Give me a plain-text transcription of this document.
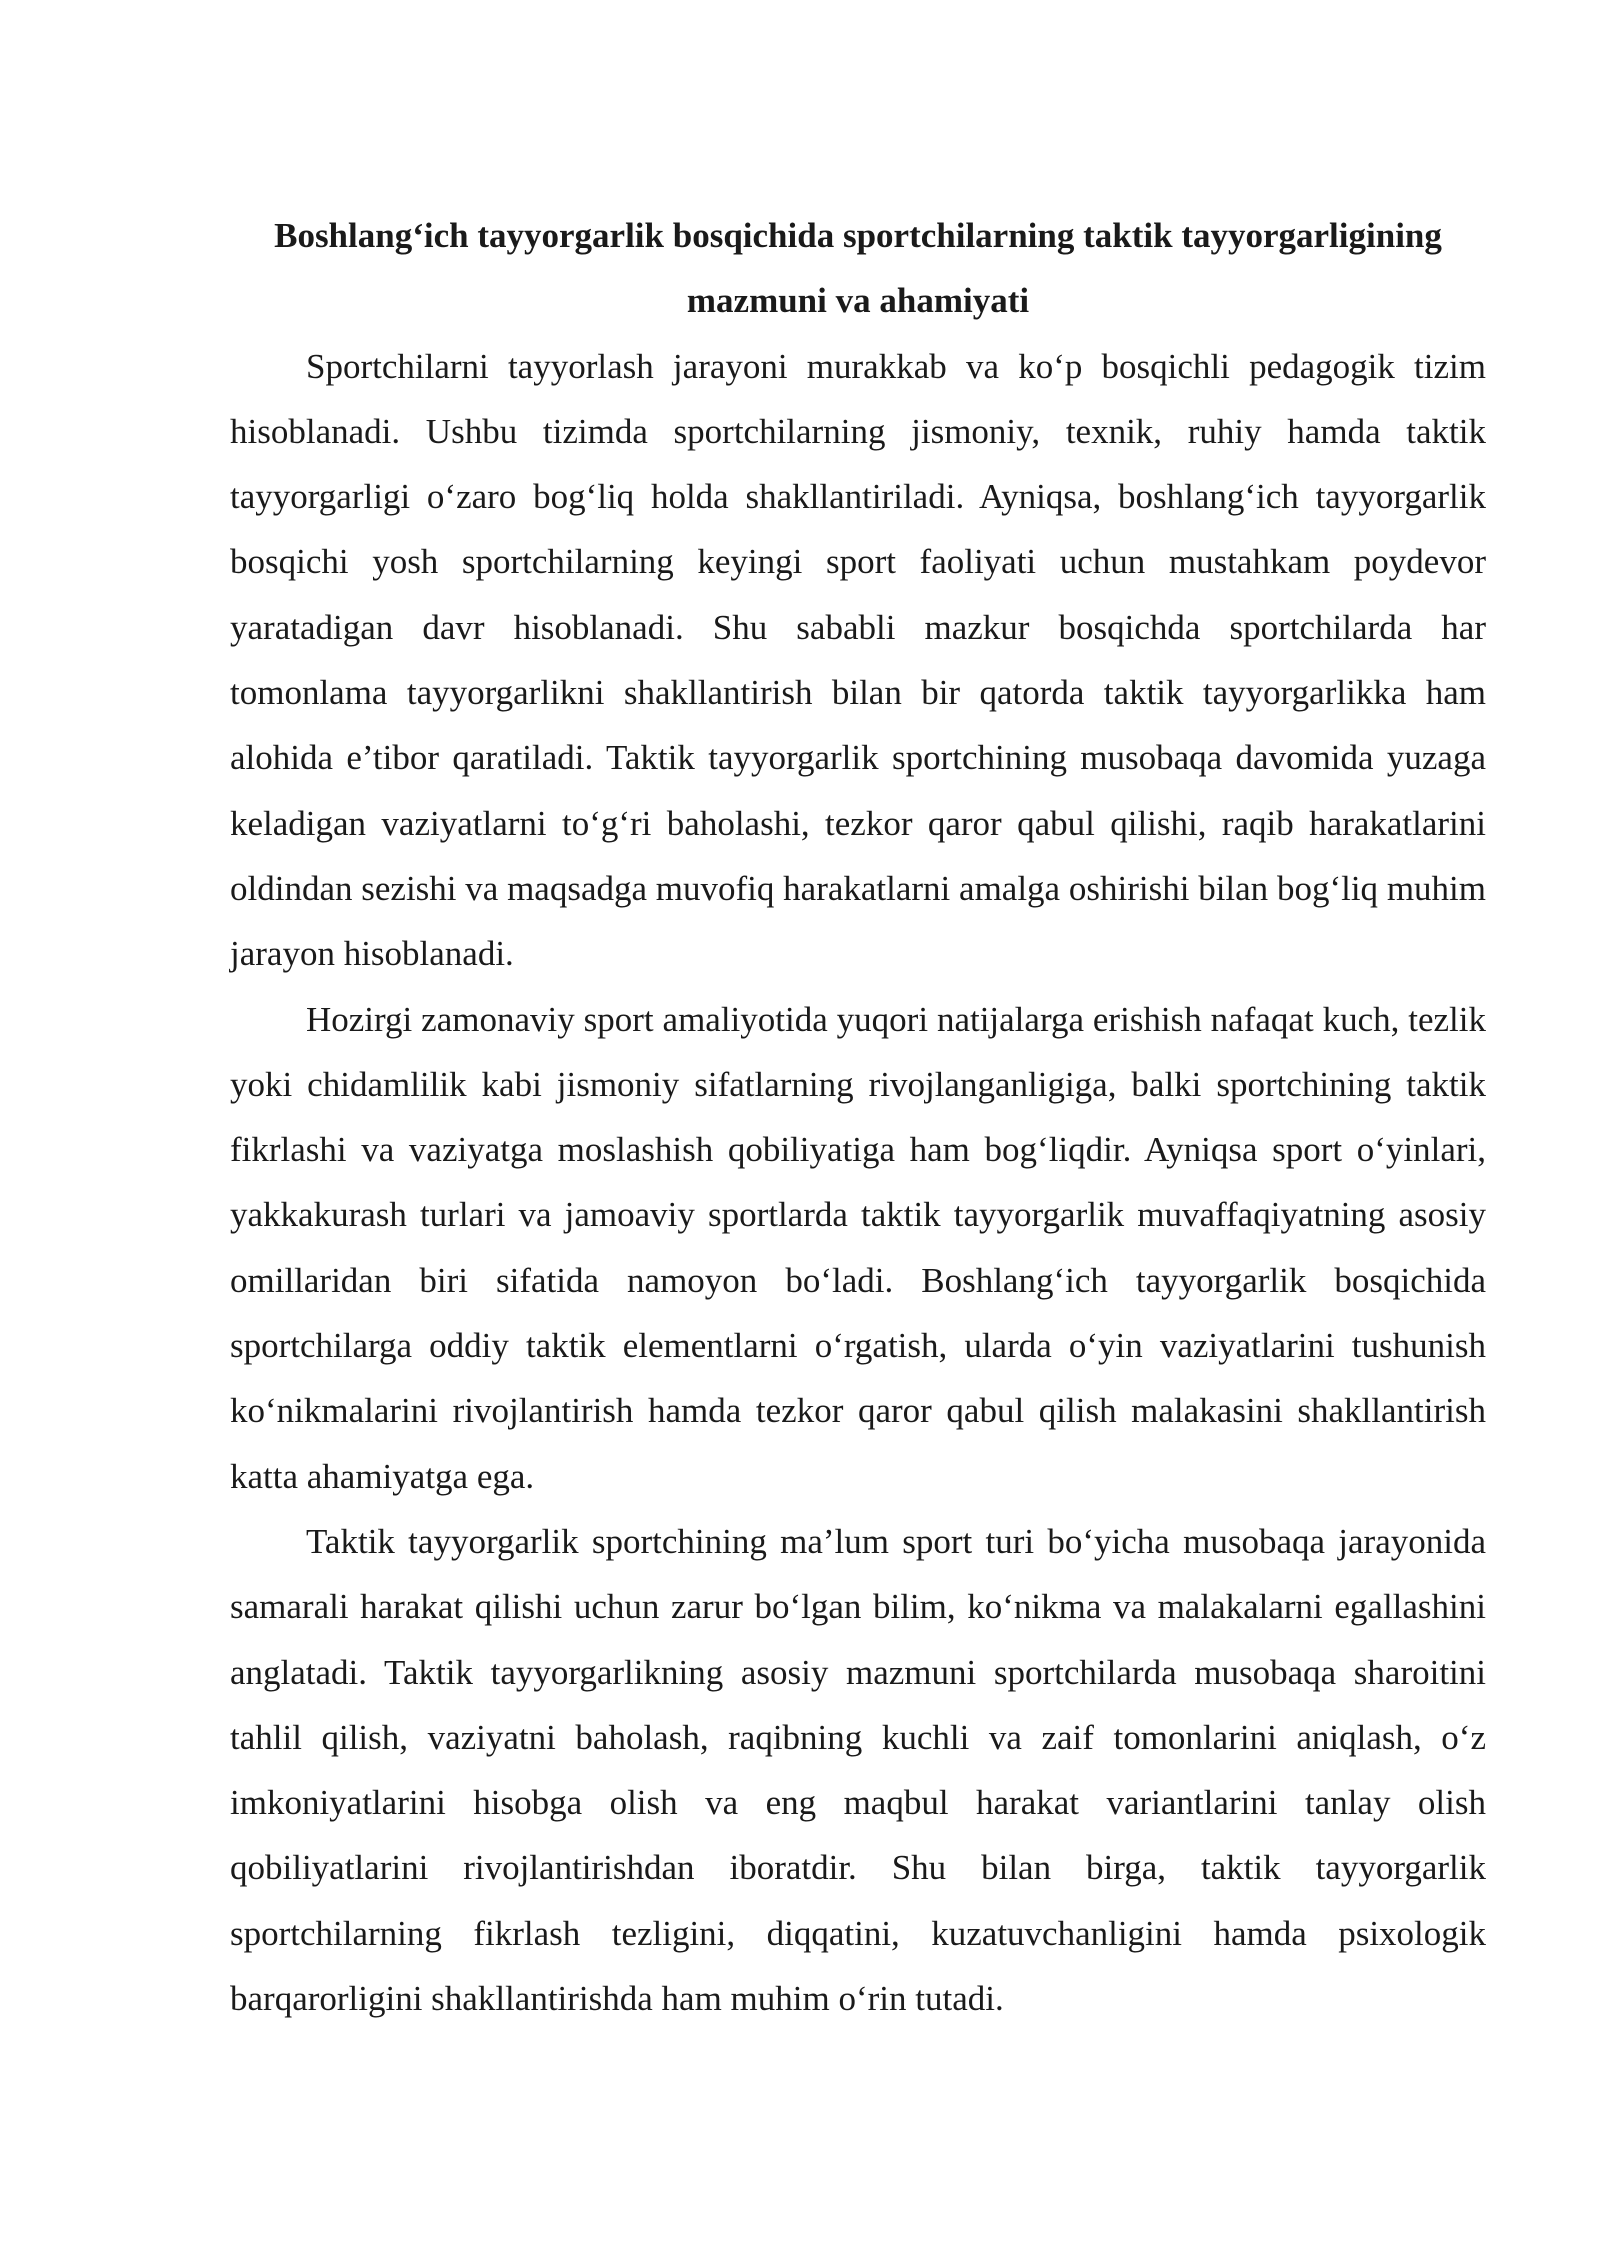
Boshlang‘ich tayyorgarlik bosqichida sportchilarning taktik tayyorgarligining mazmuni va ahamiyati

Sportchilarni tayyorlash jarayoni murakkab va ko‘p bosqichli pedagogik tizim hisoblanadi. Ushbu tizimda sportchilarning jismoniy, texnik, ruhiy hamda taktik tayyorgarligi o‘zaro bog‘liq holda shakllantiriladi. Ayniqsa, boshlang‘ich tayyorgarlik bosqichi yosh sportchilarning keyingi sport faoliyati uchun mustahkam poydevor yaratadigan davr hisoblanadi. Shu sababli mazkur bosqichda sportchilarda har tomonlama tayyorgarlikni shakllantirish bilan bir qatorda taktik tayyorgarlikka ham alohida e’tibor qaratiladi. Taktik tayyorgarlik sportchining musobaqa davomida yuzaga keladigan vaziyatlarni to‘g‘ri baholashi, tezkor qaror qabul qilishi, raqib harakatlarini oldindan sezishi va maqsadga muvofiq harakatlarni amalga oshirishi bilan bog‘liq muhim jarayon hisoblanadi.

Hozirgi zamonaviy sport amaliyotida yuqori natijalarga erishish nafaqat kuch, tezlik yoki chidamlilik kabi jismoniy sifatlarning rivojlanganligiga, balki sportchining taktik fikrlashi va vaziyatga moslashish qobiliyatiga ham bog‘liqdir. Ayniqsa sport o‘yinlari, yakkakurash turlari va jamoaviy sportlarda taktik tayyorgarlik muvaffaqiyatning asosiy omillaridan biri sifatida namoyon bo‘ladi. Boshlang‘ich tayyorgarlik bosqichida sportchilarga oddiy taktik elementlarni o‘rgatish, ularda o‘yin vaziyatlarini tushunish ko‘nikmalarini rivojlantirish hamda tezkor qaror qabul qilish malakasini shakllantirish katta ahamiyatga ega.

Taktik tayyorgarlik sportchining ma’lum sport turi bo‘yicha musobaqa jarayonida samarali harakat qilishi uchun zarur bo‘lgan bilim, ko‘nikma va malakalarni egallashini anglatadi. Taktik tayyorgarlikning asosiy mazmuni sportchilarda musobaqa sharoitini tahlil qilish, vaziyatni baholash, raqibning kuchli va zaif tomonlarini aniqlash, o‘z imkoniyatlarini hisobga olish va eng maqbul harakat variantlarini tanlay olish qobiliyatlarini rivojlantirishdan iboratdir. Shu bilan birga, taktik tayyorgarlik sportchilarning fikrlash tezligini, diqqatini, kuzatuvchanligini hamda psixologik barqarorligini shakllantirishda ham muhim o‘rin tutadi.
